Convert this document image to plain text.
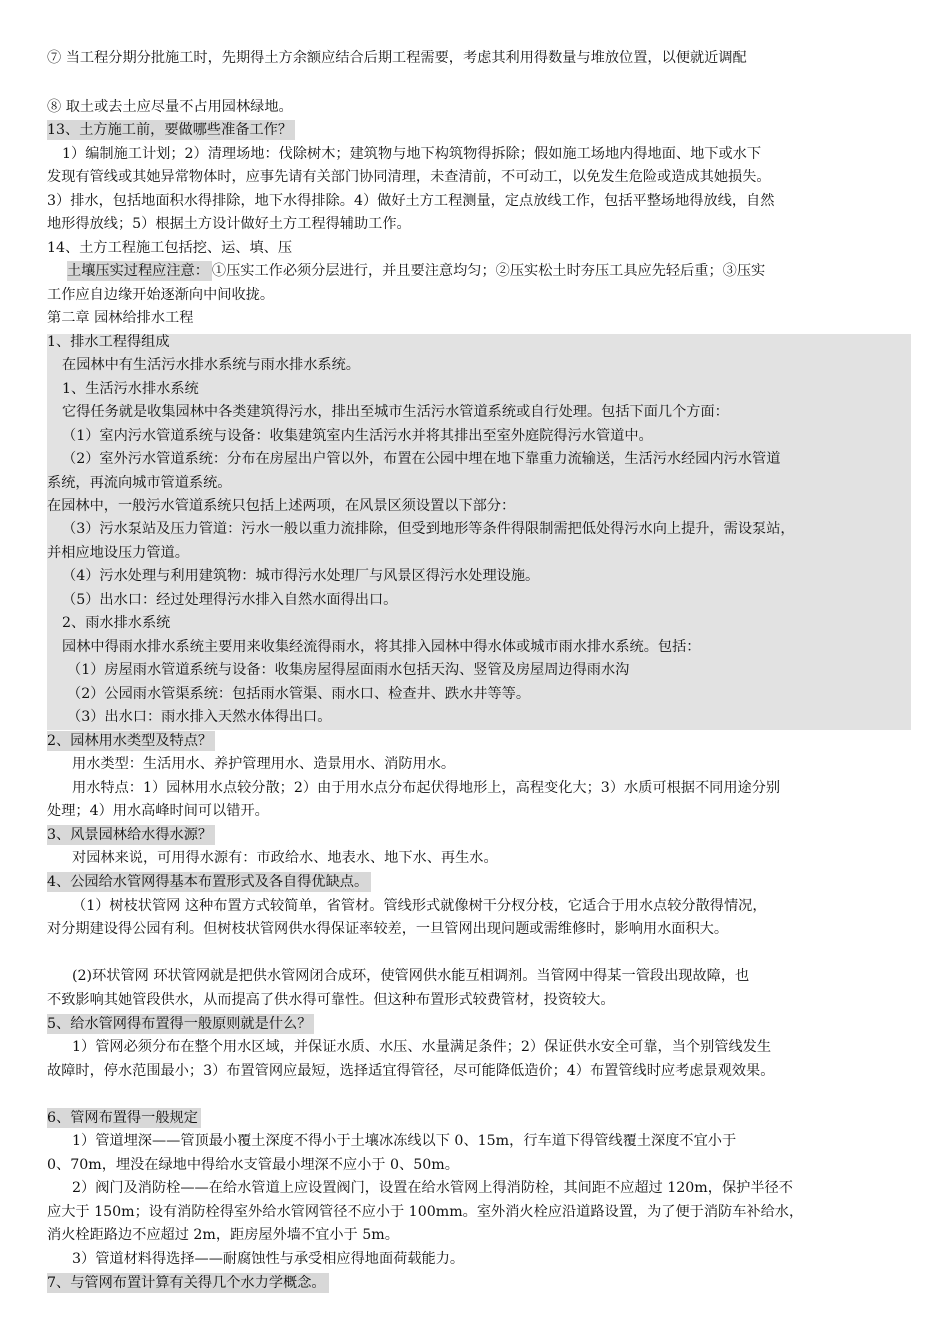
⑦ 当工程分期分批施工时，先期得土方余额应结合后期工程需要，考虑其利用得数量与堆放位置，以便就近调配
⑧ 取土或去土应尽量不占用园林绿地。
13、土方施工前，要做哪些准备工作？
1）编制施工计划；2）清理场地：伐除树木；建筑物与地下构筑物得拆除；假如施工场地内得地面、地下或水下
发现有管线或其她异常物体时，应事先请有关部门协同清理，未查清前，不可动工，以免发生危险或造成其她损失。
3）排水，包括地面积水得排除，地下水得排除。4）做好土方工程测量，定点放线工作，包括平整场地得放线，自然
地形得放线；5）根据土方设计做好土方工程得辅助工作。
14、土方工程施工包括挖、运、填、压
土壤压实过程应注意： ①压实工作必须分层进行，并且要注意均匀；②压实松土时夯压工具应先轻后重；③压实
工作应自边缘开始逐渐向中间收拢。
第二章 园林给排水工程
1、排水工程得组成
在园林中有生活污水排水系统与雨水排水系统。
1、生活污水排水系统
它得任务就是收集园林中各类建筑得污水，排出至城市生活污水管道系统或自行处理。包括下面几个方面：
（1）室内污水管道系统与设备：收集建筑室内生活污水并将其排出至室外庭院得污水管道中。
（2）室外污水管道系统：分布在房屋出户管以外，布置在公园中埋在地下靠重力流输送，生活污水经园内污水管道
系统，再流向城市管道系统。
在园林中，一般污水管道系统只包括上述两项，在风景区须设置以下部分：
（3）污水泵站及压力管道：污水一般以重力流排除，但受到地形等条件得限制需把低处得污水向上提升，需设泵站，
并相应地设压力管道。
（4）污水处理与利用建筑物：城市得污水处理厂与风景区得污水处理设施。
（5）出水口：经过处理得污水排入自然水面得出口。
2、雨水排水系统
园林中得雨水排水系统主要用来收集经流得雨水，将其排入园林中得水体或城市雨水排水系统。包括：
（1）房屋雨水管道系统与设备：收集房屋得屋面雨水包括天沟、竖管及房屋周边得雨水沟
（2）公园雨水管渠系统：包括雨水管渠、雨水口、检查井、跌水井等等。
（3）出水口：雨水排入天然水体得出口。
2、园林用水类型及特点？
用水类型：生活用水、养护管理用水、造景用水、消防用水。
用水特点：1）园林用水点较分散；2）由于用水点分布起伏得地形上，高程变化大；3）水质可根据不同用途分别
处理；4）用水高峰时间可以错开。
3、风景园林给水得水源？
对园林来说，可用得水源有：市政给水、地表水、地下水、再生水。
4、公园给水管网得基本布置形式及各自得优缺点。
（1）树枝状管网 这种布置方式较简单，省管材。管线形式就像树干分杈分枝，它适合于用水点较分散得情况，
对分期建设得公园有利。但树枝状管网供水得保证率较差，一旦管网出现问题或需维修时，影响用水面积大。
(2)环状管网 环状管网就是把供水管网闭合成环，使管网供水能互相调剂。当管网中得某一管段出现故障，也
不致影响其她管段供水，从而提高了供水得可靠性。但这种布置形式较费管材，投资较大。
5、给水管网得布置得一般原则就是什么？
1）管网必须分布在整个用水区域，并保证水质、水压、水量满足条件；2）保证供水安全可靠，当个别管线发生
故障时，停水范围最小；3）布置管网应最短，选择适宜得管径，尽可能降低造价；4）布置管线时应考虑景观效果。
6、管网布置得一般规定
1）管道埋深——管顶最小覆土深度不得小于土壤冰冻线以下 0、15m，行车道下得管线覆土深度不宜小于
0、70m，埋没在绿地中得给水支管最小埋深不应小于 0、50m。
2）阀门及消防栓——在给水管道上应设置阀门，设置在给水管网上得消防栓，其间距不应超过 120m，保护半径不
应大于 150m；设有消防栓得室外给水管网管径不应小于 100mm。室外消火栓应沿道路设置，为了便于消防车补给水，
消火栓距路边不应超过 2m，距房屋外墙不宜小于 5m。
3）管道材料得选择——耐腐蚀性与承受相应得地面荷载能力。
7、与管网布置计算有关得几个水力学概念。
